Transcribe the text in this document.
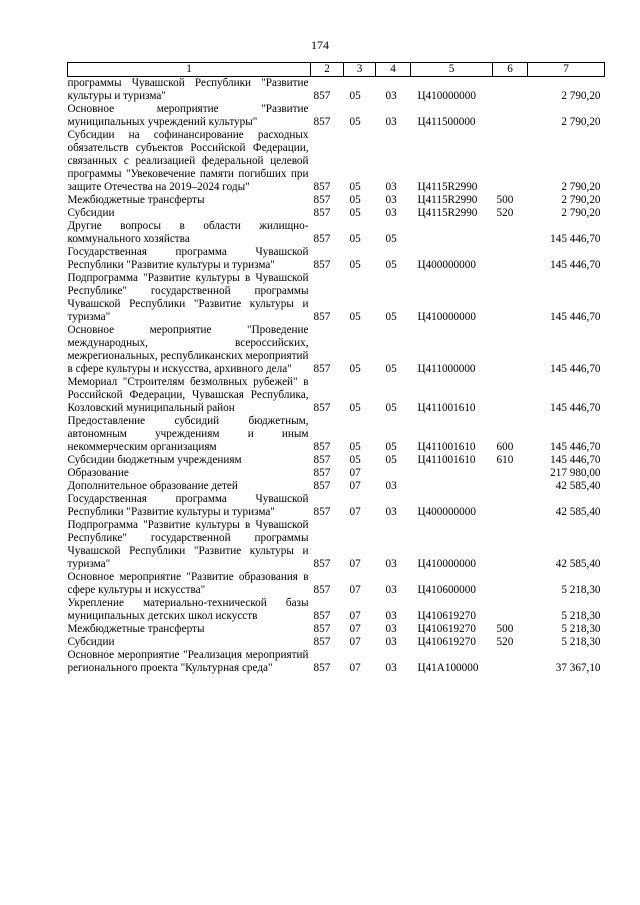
174
1	2	3	4	5	6	7
программы Чувашской Республики "Развитие культуры и туризма"	857	05	03	Ц410000000		2 790,20
Основное мероприятие "Развитие муниципальных учреждений культуры"	857	05	03	Ц411500000		2 790,20
Субсидии на софинансирование расходных обязательств субъектов Российской Федерации, связанных с реализацией федеральной целевой программы "Увековечение памяти погибших при защите Отечества на 2019–2024 годы"	857	05	03	Ц4115R2990		2 790,20
Межбюджетные трансферты	857	05	03	Ц4115R2990	500	2 790,20
Субсидии	857	05	03	Ц4115R2990	520	2 790,20
Другие вопросы в области жилищно-коммунального хозяйства	857	05	05			145 446,70
Государственная программа Чувашской Республики "Развитие культуры и туризма"	857	05	05	Ц400000000		145 446,70
Подпрограмма "Развитие культуры в Чувашской Республике" государственной программы Чувашской Республики "Развитие культуры и туризма"	857	05	05	Ц410000000		145 446,70
Основное мероприятие "Проведение международных, всероссийских, межрегиональных, республиканских мероприятий в сфере культуры и искусства, архивного дела"	857	05	05	Ц411000000		145 446,70
Мемориал "Строителям безмолвных рубежей" в Российской Федерации, Чувашская Республика, Козловский муниципальный район	857	05	05	Ц411001610		145 446,70
Предоставление субсидий бюджетным, автономным учреждениям и иным некоммерческим организациям	857	05	05	Ц411001610	600	145 446,70
Субсидии бюджетным учреждениям	857	05	05	Ц411001610	610	145 446,70
Образование	857	07				217 980,00
Дополнительное образование детей	857	07	03			42 585,40
Государственная программа Чувашской Республики "Развитие культуры и туризма"	857	07	03	Ц400000000		42 585,40
Подпрограмма "Развитие культуры в Чувашской Республике" государственной программы Чувашской Республики "Развитие культуры и туризма"	857	07	03	Ц410000000		42 585,40
Основное мероприятие "Развитие образования в сфере культуры и искусства"	857	07	03	Ц410600000		5 218,30
Укрепление материально-технической базы муниципальных детских школ искусств	857	07	03	Ц410619270		5 218,30
Межбюджетные трансферты	857	07	03	Ц410619270	500	5 218,30
Субсидии	857	07	03	Ц410619270	520	5 218,30
Основное мероприятие "Реализация мероприятий регионального проекта "Культурная среда"	857	07	03	Ц41А100000		37 367,10
